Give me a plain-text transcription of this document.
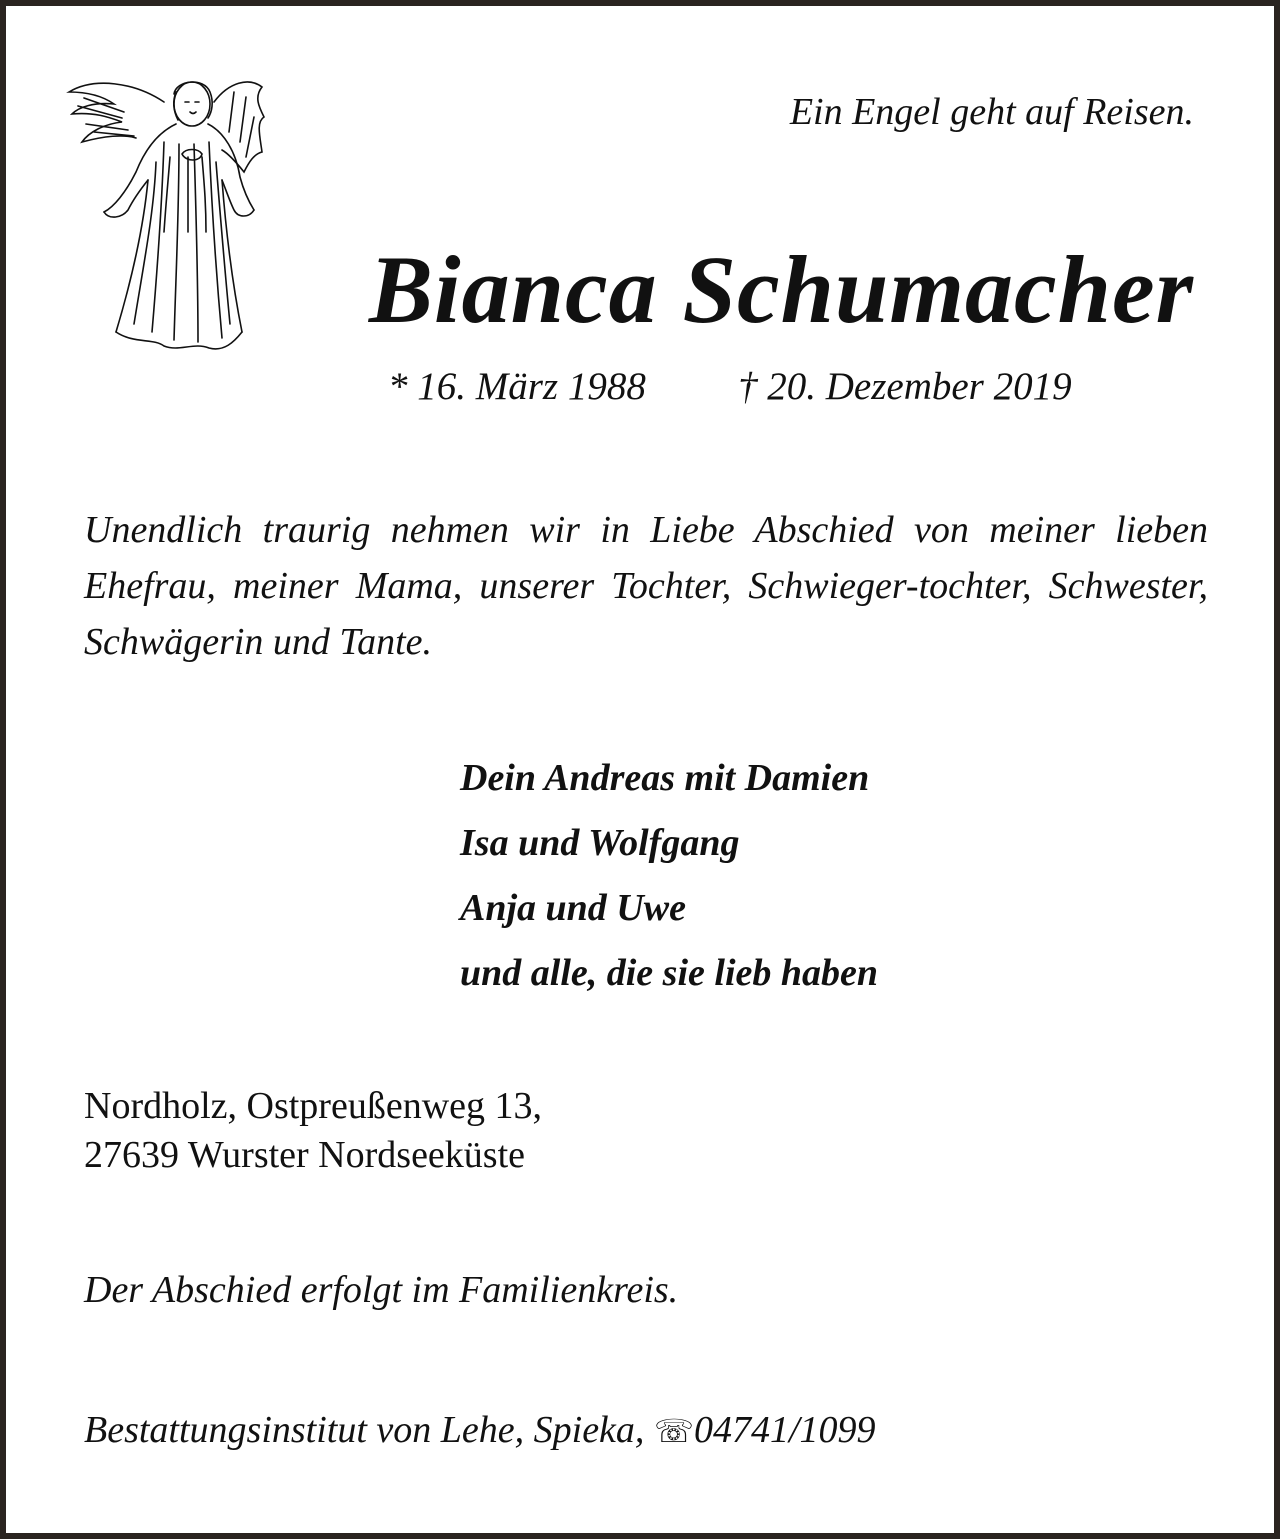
Ein Engel geht auf Reisen.
Bianca Schumacher
* 16. März 1988 † 20. Dezember 2019

Unendlich traurig nehmen wir in Liebe Abschied von meiner lieben Ehefrau, meiner Mama, unserer Tochter, Schwieger-tochter, Schwester, Schwägerin und Tante.

Dein Andreas mit Damien
Isa und Wolfgang
Anja und Uwe
und alle, die sie lieb haben
Nordholz, Ostpreußenweg 13,
27639 Wurster Nordseeküste
Der Abschied erfolgt im Familienkreis.
Bestattungsinstitut von Lehe, Spieka, ☏04741/1099
